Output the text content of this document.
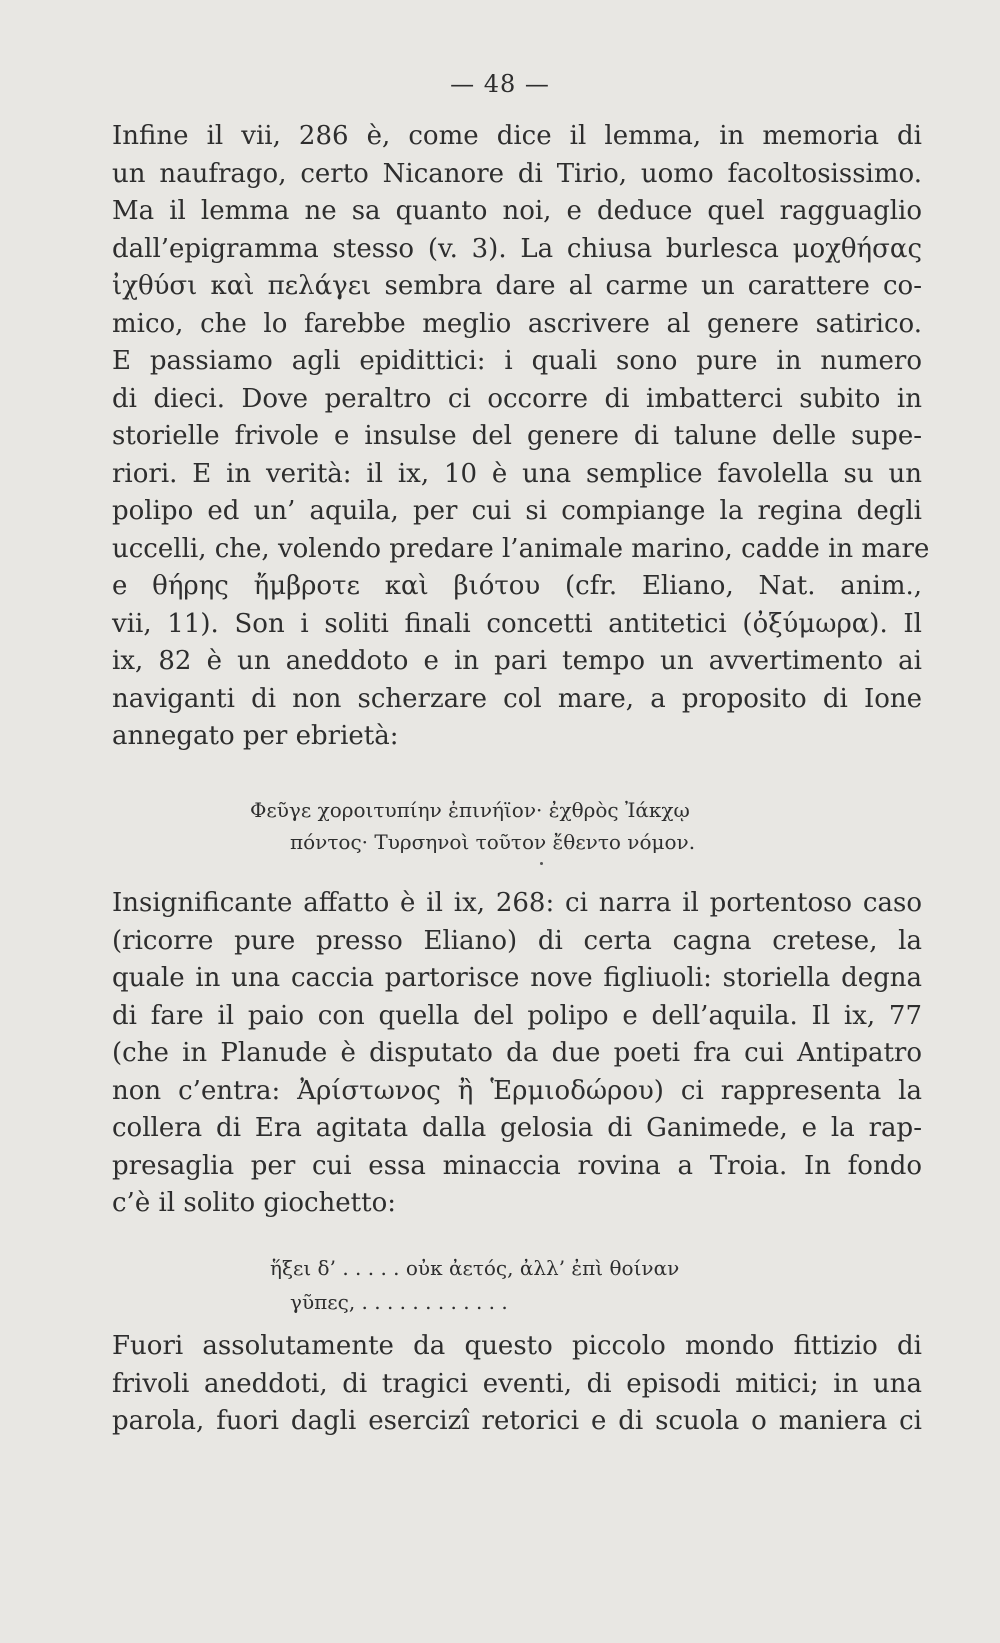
— 48 —
Infine il vii, 286 è, come dice il lemma, in memoria di
un naufrago, certo Nicanore di Tirio, uomo facoltosissimo.
Ma il lemma ne sa quanto noi, e deduce quel ragguaglio
dall’epigramma stesso (v. 3). La chiusa burlesca μοχθήσας
ἰχθύσι καὶ πελάγει sembra dare al carme un carattere co-
mico, che lo farebbe meglio ascrivere al genere satirico.
E passiamo agli epidittici: i quali sono pure in numero
di dieci. Dove peraltro ci occorre di imbatterci subito in
storielle frivole e insulse del genere di talune delle supe-
riori. E in verità: il ix, 10 è una semplice favolella su un
polipo ed un’ aquila, per cui si compiange la regina degli
uccelli, che, volendo predare l’animale marino, cadde in mare
e θήρης ἤμβροτε καὶ βιότου (cfr. Eliano, Nat. anim.,
vii, 11). Son i soliti finali concetti antitetici (ὀξύμωρα). Il
ix, 82 è un aneddoto e in pari tempo un avvertimento ai
naviganti di non scherzare col mare, a proposito di Ione
annegato per ebrietà:
Φεῦγε χοροιτυπίην ἐπινήϊον· ἐχθρὸς Ἰάκχῳ
πόντος· Τυρσηνοὶ τοῦτον ἔθεντο νόμον.
Insignificante affatto è il ix, 268: ci narra il portentoso caso
(ricorre pure presso Eliano) di certa cagna cretese, la
quale in una caccia partorisce nove figliuoli: storiella degna
di fare il paio con quella del polipo e dell’aquila. Il ix, 77
(che in Planude è disputato da due poeti fra cui Antipatro
non c’entra: Ἀρίστωνος ἢ Ἑρμιοδώρου) ci rappresenta la
collera di Era agitata dalla gelosia di Ganimede, e la rap-
presaglia per cui essa minaccia rovina a Troia. In fondo
c’è il solito giochetto:
ἥξει δ’ . . . . . οὐκ ἀετός, ἀλλ’ ἐπὶ θοίναν
γῦπες, . . . . . . . . . . . .
Fuori assolutamente da questo piccolo mondo fittizio di
frivoli aneddoti, di tragici eventi, di episodi mitici; in una
parola, fuori dagli esercizî retorici e di scuola o maniera ci
